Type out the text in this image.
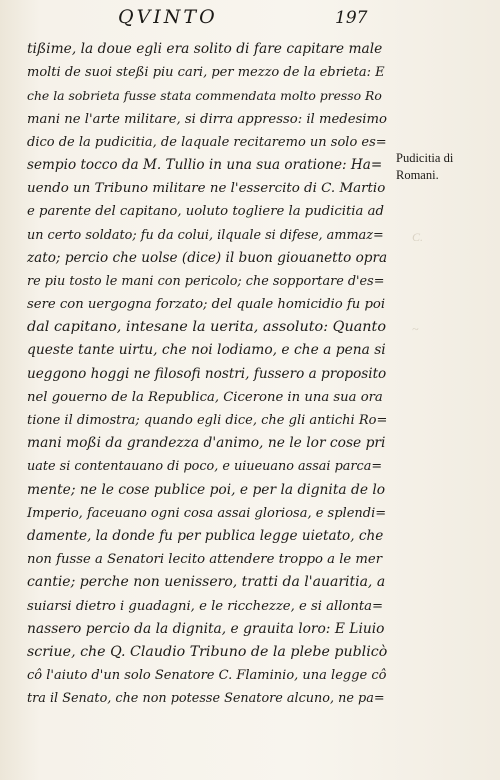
QVINTO	197
tißime, la doue egli era solito di fare capitare male
molti de suoi steßi piu cari, per mezzo de la ebrieta: E
che la sobrieta fusse stata commendata molto presso Ro
mani ne l'arte militare, si dirra appresso: il medesimo
dico de la pudicitia, de laquale recitaremo un solo es=
sempio tocco da M. Tullio in una sua oratione: Ha=
uendo un Tribuno militare ne l'essercito di C. Martio
e parente del capitano, uoluto togliere la pudicitia ad
un certo soldato; fu da colui, ilquale si difese, ammaz=
zato; percio che uolse (dice) il buon giouanetto opra
re piu tosto le mani con pericolo; che sopportare d'es=
sere con uergogna forzato; del quale homicidio fu poi
dal capitano, intesane la uerita, assoluto: Quanto
queste tante uirtu, che noi lodiamo, e che a pena si
ueggono hoggi ne filosofi nostri, fussero a proposito
nel gouerno de la Republica, Cicerone in una sua ora
tione il dimostra; quando egli dice, che gli antichi Ro=
mani moßi da grandezza d'animo, ne le lor cose pri
uate si contentauano di poco, e uiueuano assai parca=
mente; ne le cose publice poi, e per la dignita de lo
Imperio, faceuano ogni cosa assai gloriosa, e splendi=
damente, la donde fu per publica legge uietato, che
non fusse a Senatori lecito attendere troppo a le mer
cantie; perche non uenissero, tratti da l'auaritia, a
suiarsi dietro i guadagni, e le ricchezze, e si allonta=
nassero percio da la dignita, e grauita loro: E Liuio
scriue, che Q. Claudio Tribuno de la plebe publicò
cô l'aiuto d'un solo Senatore C. Flaminio, una legge cô
tra il Senato, che non potesse Senatore alcuno, ne pa=
Pudicitia di
Romani.
C.
~
